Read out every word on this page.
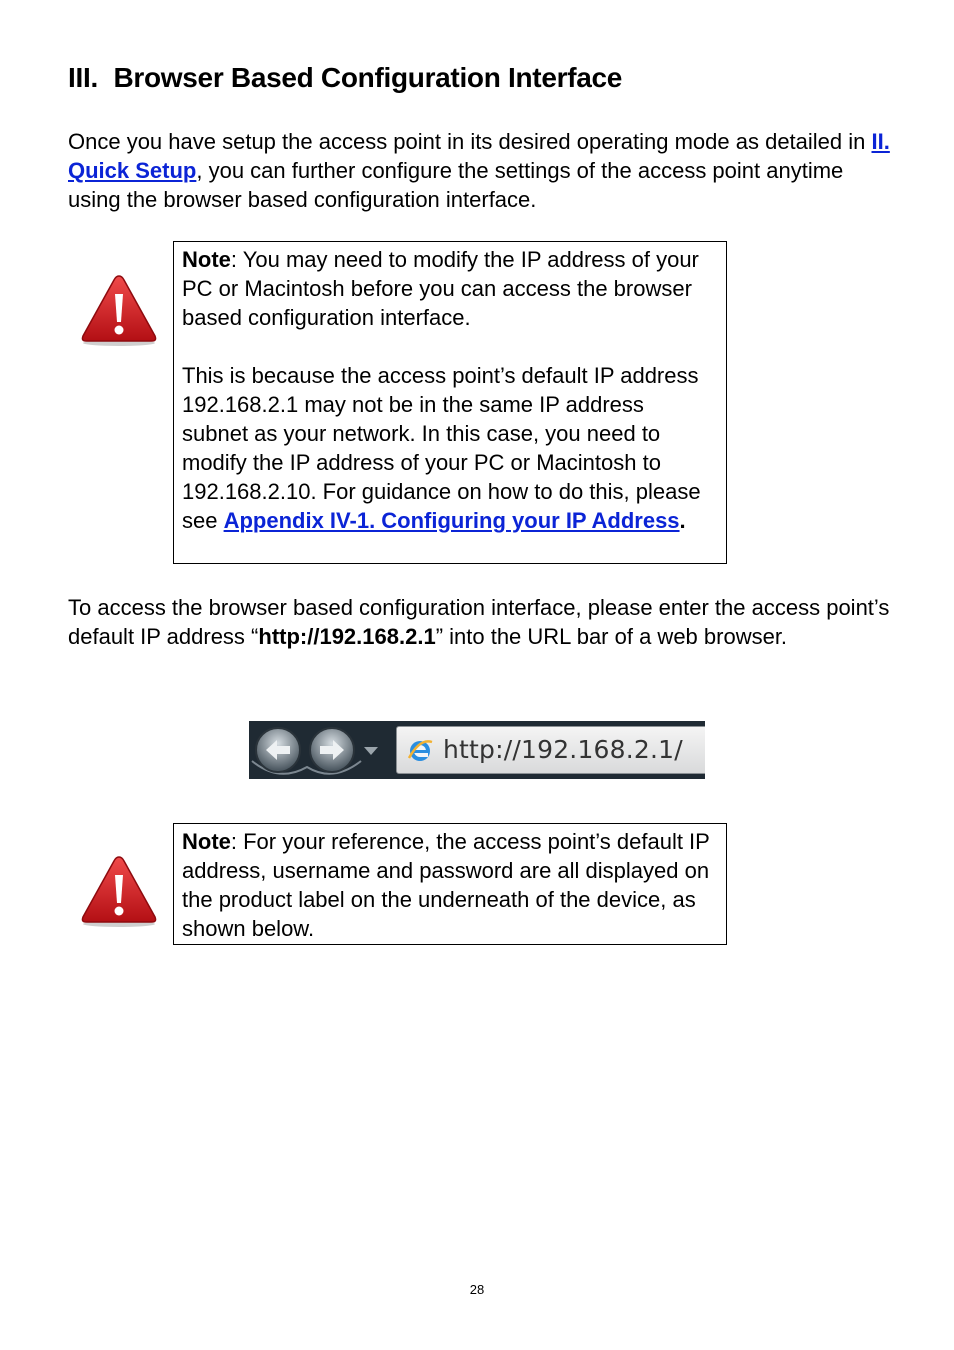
III. Browser Based Configuration Interface
Once you have setup the access point in its desired operating mode as detailed in II. Quick Setup, you can further configure the settings of the access point anytime using the browser based configuration interface.
Note: You may need to modify the IP address of your PC or Macintosh before you can access the browser based configuration interface.
This is because the access point’s default IP address 192.168.2.1 may not be in the same IP address subnet as your network. In this case, you need to modify the IP address of your PC or Macintosh to 192.168.2.10. For guidance on how to do this, please see Appendix IV-1. Configuring your IP Address.
To access the browser based configuration interface, please enter the access point’s default IP address “http://192.168.2.1” into the URL bar of a web browser.
http://192.168.2.1/
Note: For your reference, the access point’s default IP address, username and password are all displayed on the product label on the underneath of the device, as shown below.
28
